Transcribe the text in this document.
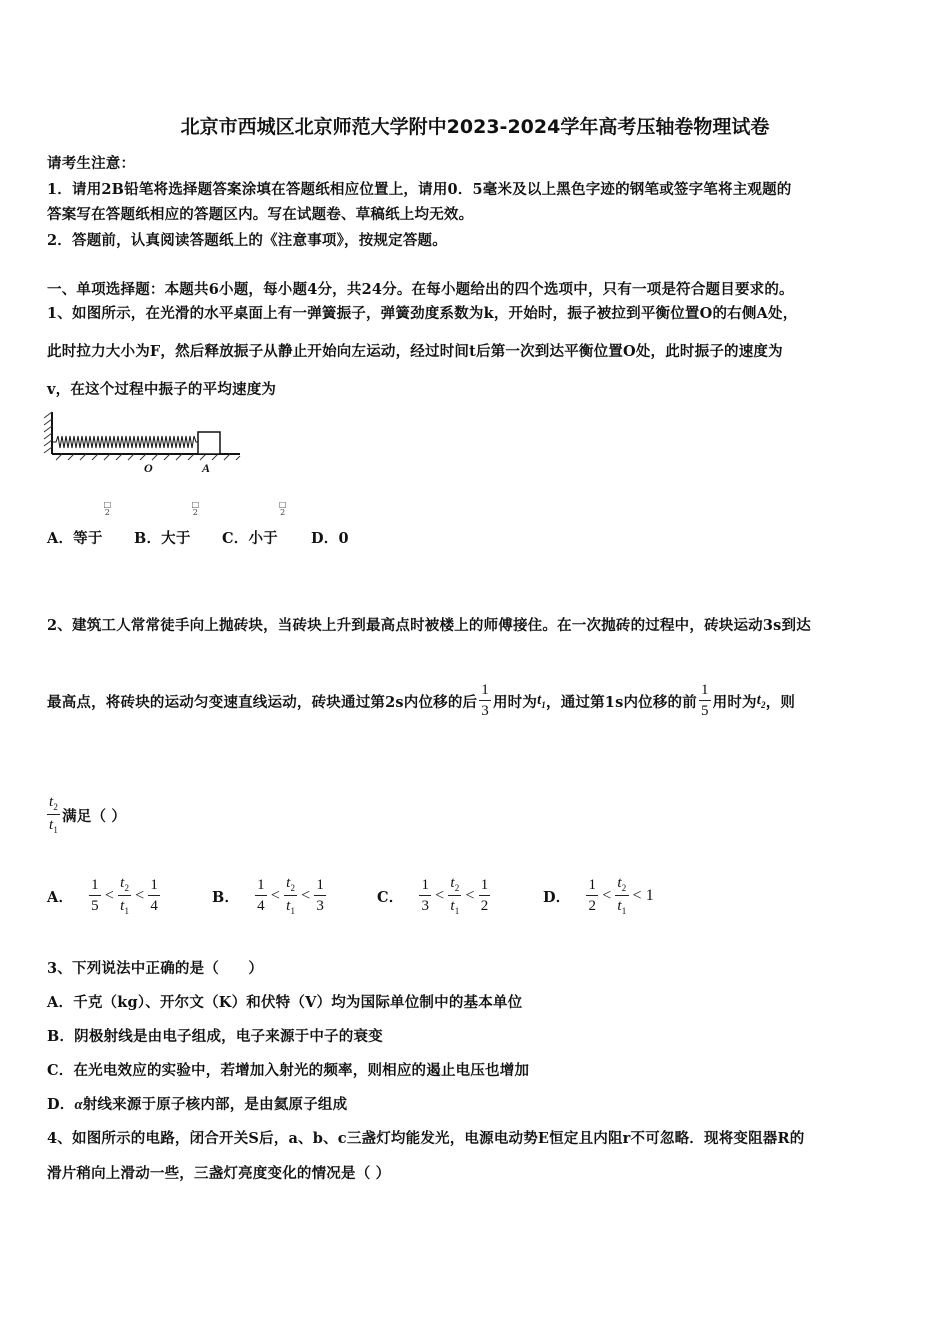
北京市西城区北京师范大学附中2023-2024学年高考压轴卷物理试卷
请考生注意：
1．请用2B铅笔将选择题答案涂填在答题纸相应位置上，请用0．5毫米及以上黑色字迹的钢笔或签字笔将主观题的
答案写在答题纸相应的答题区内。写在试题卷、草稿纸上均无效。
2．答题前，认真阅读答题纸上的《注意事项》，按规定答题。
一、单项选择题：本题共6小题，每小题4分，共24分。在每小题给出的四个选项中，只有一项是符合题目要求的。
1、如图所示，在光滑的水平桌面上有一弹簧振子，弹簧劲度系数为k，开始时，振子被拉到平衡位置O的右侧A处，
此时拉力大小为F，然后释放振子从静止开始向左运动，经过时间t后第一次到达平衡位置O处，此时振子的速度为
v，在这个过程中振子的平均速度为
O	A
A．等于
□
2
B．大于
□
2
C．小于
□
2
D．0
2、建筑工人常常徒手向上抛砖块，当砖块上升到最高点时被楼上的师傅接住。在一次抛砖的过程中，砖块运动3s到达
最高点，将砖块的运动匀变速直线运动，砖块通过第2s内位移的后 $\frac{1}{3}$ 用时为 $t_1$ ，通过第1s内位移的前 $\frac{1}{5}$ 用时为 $t_2$ ，则
$\frac{t_2}{t_1}$ 满足（ ）
A． $\frac{1}{5} < \frac{t_2}{t_1} < \frac{1}{4}$	B． $\frac{1}{4} < \frac{t_2}{t_1} < \frac{1}{3}$	C． $\frac{1}{3} < \frac{t_2}{t_1} < \frac{1}{2}$	D． $\frac{1}{2} < \frac{t_2}{t_1} < 1$
3、下列说法中正确的是（　　）
A．千克（kg）、开尔文（K）和伏特（V）均为国际单位制中的基本单位
B．阴极射线是由电子组成，电子来源于中子的衰变
C．在光电效应的实验中，若增加入射光的频率，则相应的遏止电压也增加
D．α射线来源于原子核内部，是由氦原子组成
4、如图所示的电路，闭合开关S后，a、b、c三盏灯均能发光，电源电动势E恒定且内阻r不可忽略．现将变阻器R的
滑片稍向上滑动一些，三盏灯亮度变化的情况是（ ）
